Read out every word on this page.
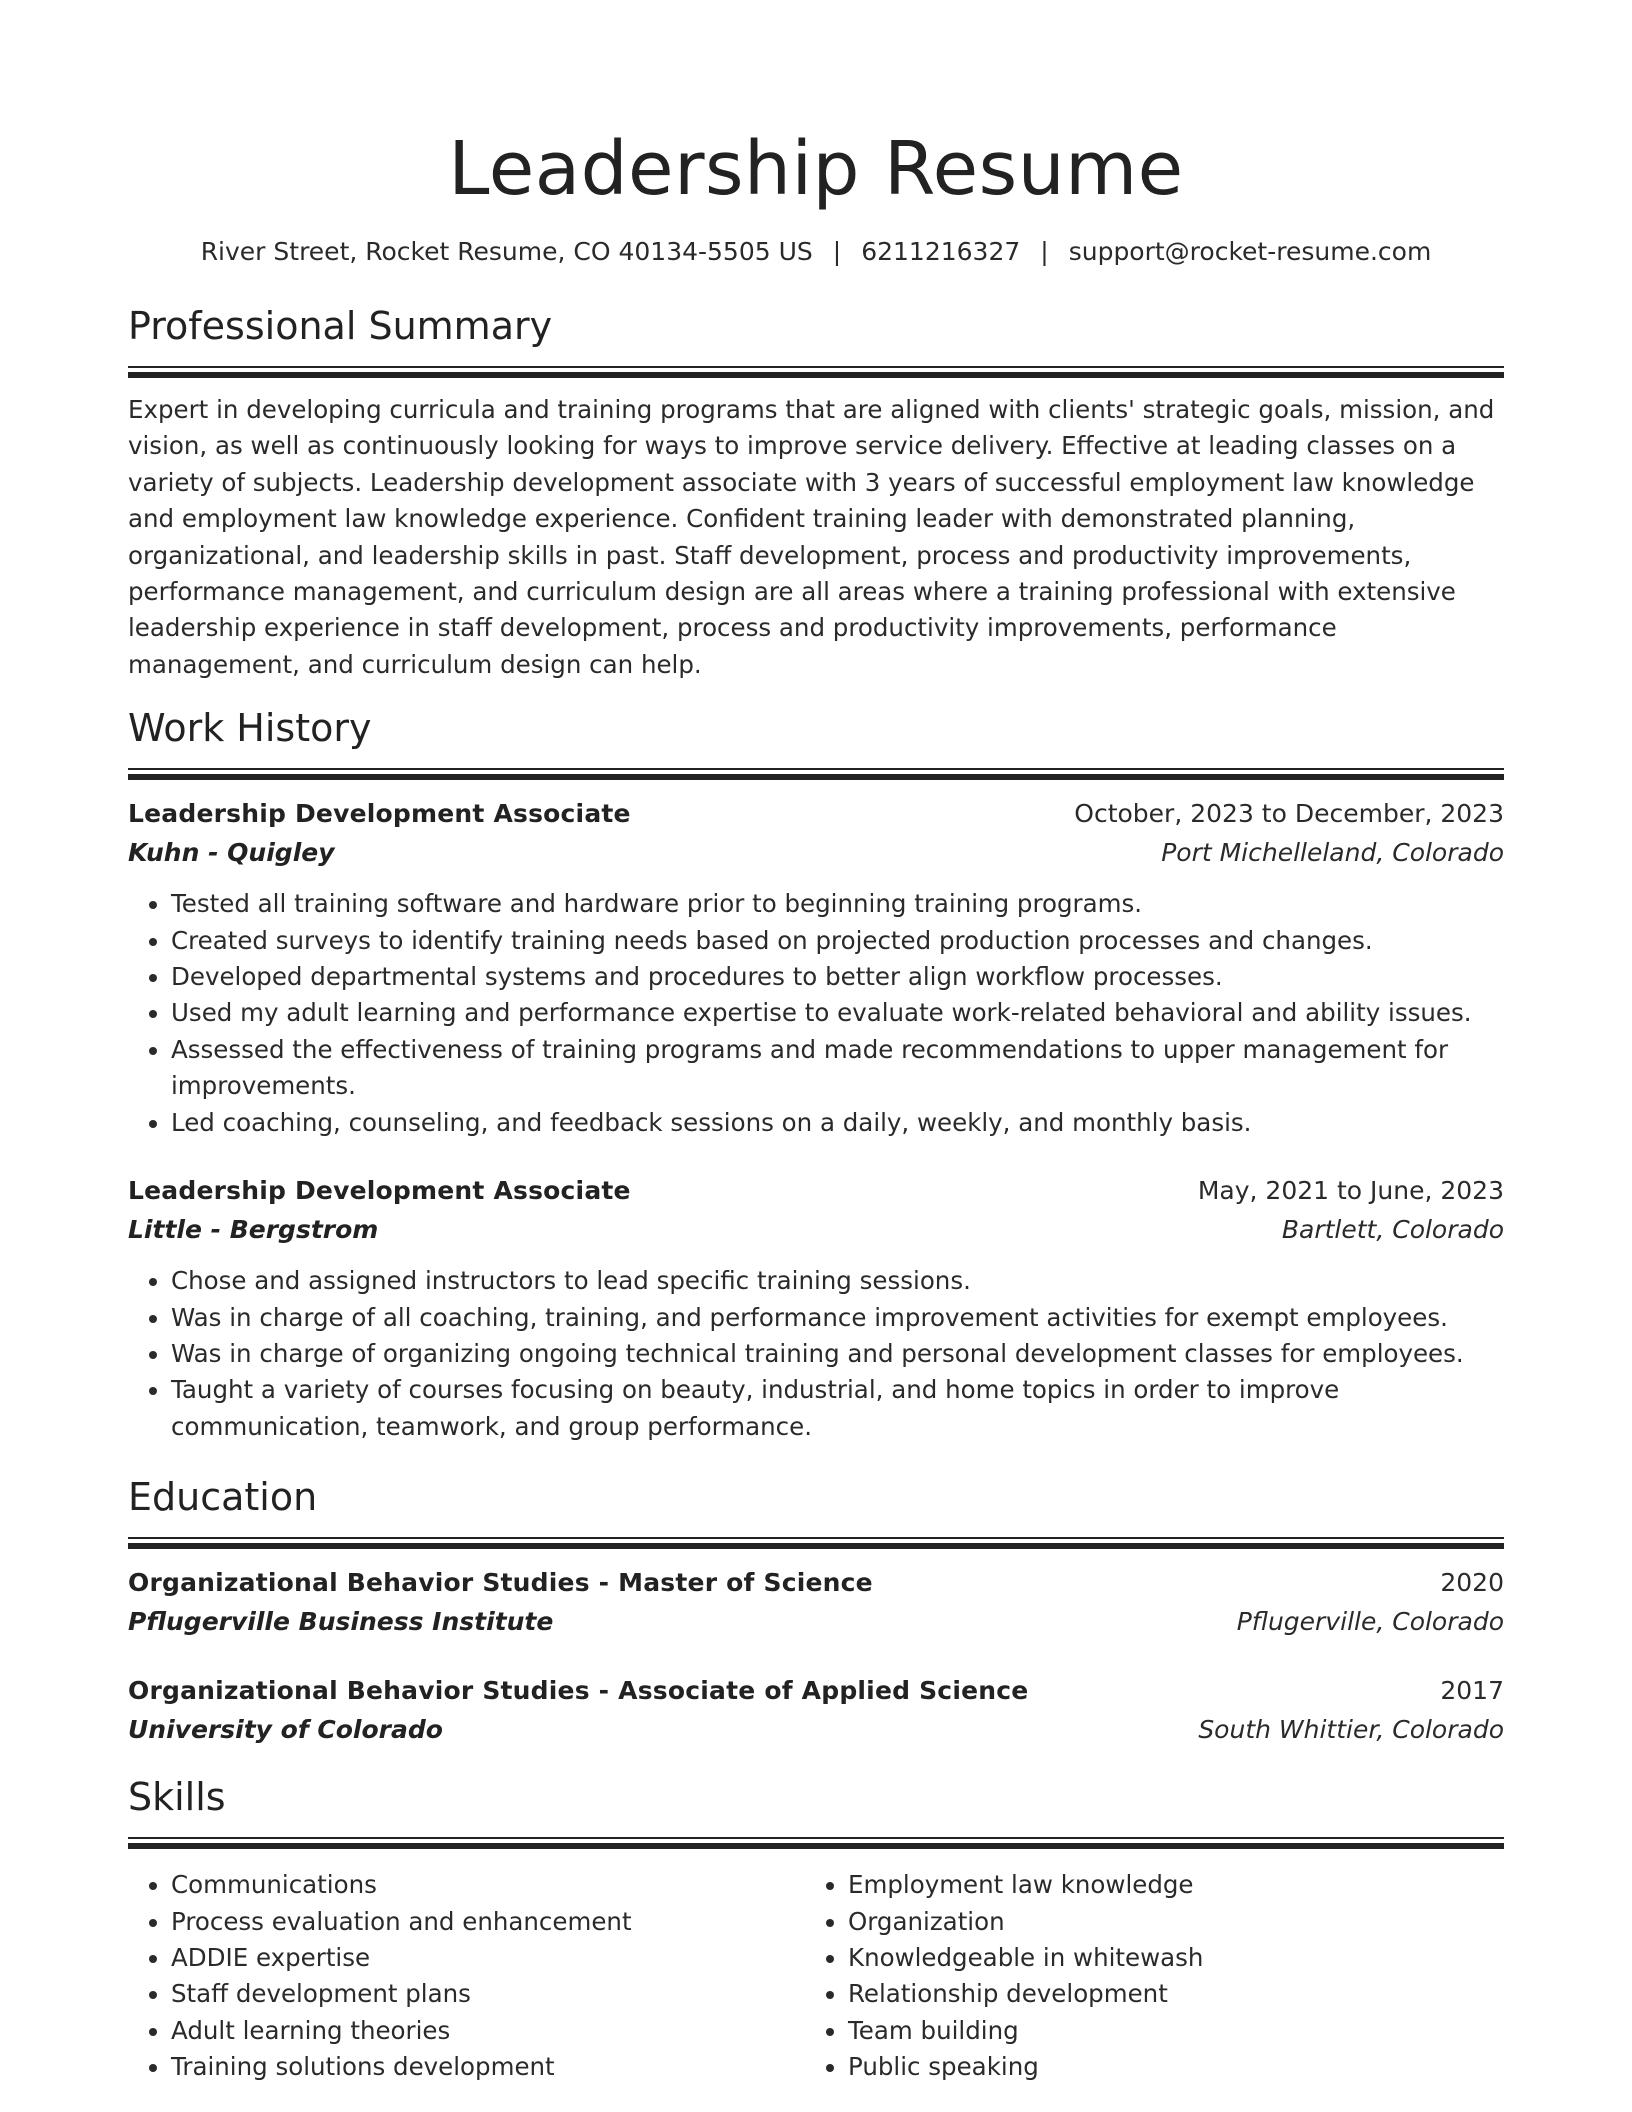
Leadership Resume
River Street, Rocket Resume, CO 40134-5505 US | 6211216327 | support@rocket-resume.com
Professional Summary

Expert in developing curricula and training programs that are aligned with clients' strategic goals, mission, and vision, as well as continuously looking for ways to improve service delivery. Effective at leading classes on a variety of subjects. Leadership development associate with 3 years of successful employment law knowledge and employment law knowledge experience. Confident training leader with demonstrated planning, organizational, and leadership skills in past. Staff development, process and productivity improvements, performance management, and curriculum design are all areas where a training professional with extensive leadership experience in staff development, process and productivity improvements, performance management, and curriculum design can help.

Work History
Leadership Development Associate	October, 2023 to December, 2023
Kuhn - Quigley	Port Michelleland, Colorado
• Tested all training software and hardware prior to beginning training programs.
• Created surveys to identify training needs based on projected production processes and changes.
• Developed departmental systems and procedures to better align workflow processes.
• Used my adult learning and performance expertise to evaluate work-related behavioral and ability issues.
• Assessed the effectiveness of training programs and made recommendations to upper management for improvements.
• Led coaching, counseling, and feedback sessions on a daily, weekly, and monthly basis.
Leadership Development Associate	May, 2021 to June, 2023
Little - Bergstrom	Bartlett, Colorado
• Chose and assigned instructors to lead specific training sessions.
• Was in charge of all coaching, training, and performance improvement activities for exempt employees.
• Was in charge of organizing ongoing technical training and personal development classes for employees.
• Taught a variety of courses focusing on beauty, industrial, and home topics in order to improve communication, teamwork, and group performance.
Education
Organizational Behavior Studies - Master of Science	2020
Pflugerville Business Institute	Pflugerville, Colorado
Organizational Behavior Studies - Associate of Applied Science	2017
University of Colorado	South Whittier, Colorado
Skills
• Communications
• Process evaluation and enhancement
• ADDIE expertise
• Staff development plans
• Adult learning theories
• Training solutions development
• Employment law knowledge
• Organization
• Knowledgeable in whitewash
• Relationship development
• Team building
• Public speaking
